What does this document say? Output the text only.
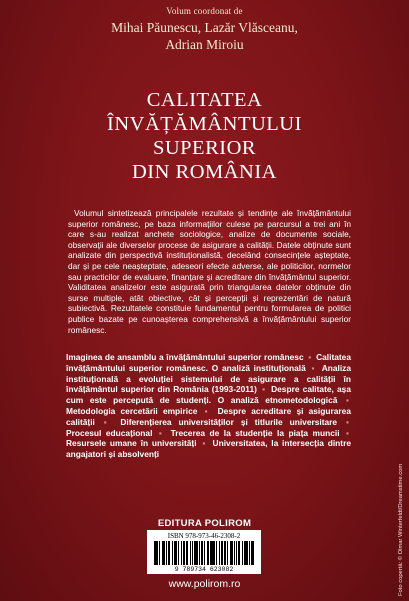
Volum coordonat de
Mihai Păunescu, Lazăr Vlăsceanu,
Adrian Miroiu
CALITATEA
ÎNVĂȚĂMÂNTULUI
SUPERIOR
DIN ROMÂNIA
Volumul sintetizează principalele rezultate și tendințe ale învățământului superior românesc, pe baza informațiilor culese pe parcursul a trei ani în care s-au realizat anchete sociologice, analize de documente sociale, observații ale diverselor procese de asigurare a calității. Datele obținute sunt analizate din perspectivă instituționalistă, decelând consecințele așteptate, dar și pe cele neașteptate, adeseori efecte adverse, ale politicilor, normelor sau practicilor de evaluare, finanțare și acreditare din învățământul superior. Validitatea analizelor este asigurată prin triangularea datelor obținute din surse multiple, atât obiective, cât și percepții și reprezentări de natură subiectivă. Rezultatele constituie fundamentul pentru formularea de politici publice bazate pe cunoașterea comprehensivă a învățământului superior românesc.
Imaginea de ansamblu a învățământului superior românesc ▪ Calitatea învățământului superior românesc. O analiză instituțională ▪ Analiza instituțională a evoluției sistemului de asigurare a calității în învățământul superior din România (1993-2011) ▪ Despre calitate, așa cum este percepută de studenți. O analiză etnometodologică ▪ Metodologia cercetării empirice ▪ Despre acreditare și asigurarea calității ▪ Diferențierea universităților și titlurile universitare ▪ Procesul educațional ▪ Trecerea de la studenție la piața muncii ▪ Resursele umane în universități ▪ Universitatea, la intersecția dintre angajatori și absolvenți
EDITURA POLIROM
ISBN 978-973-46-2308-2
9 789734 623082
www.polirom.ro	Foto copertă: © Olmar Winterfeldt/Dreamstime.com
